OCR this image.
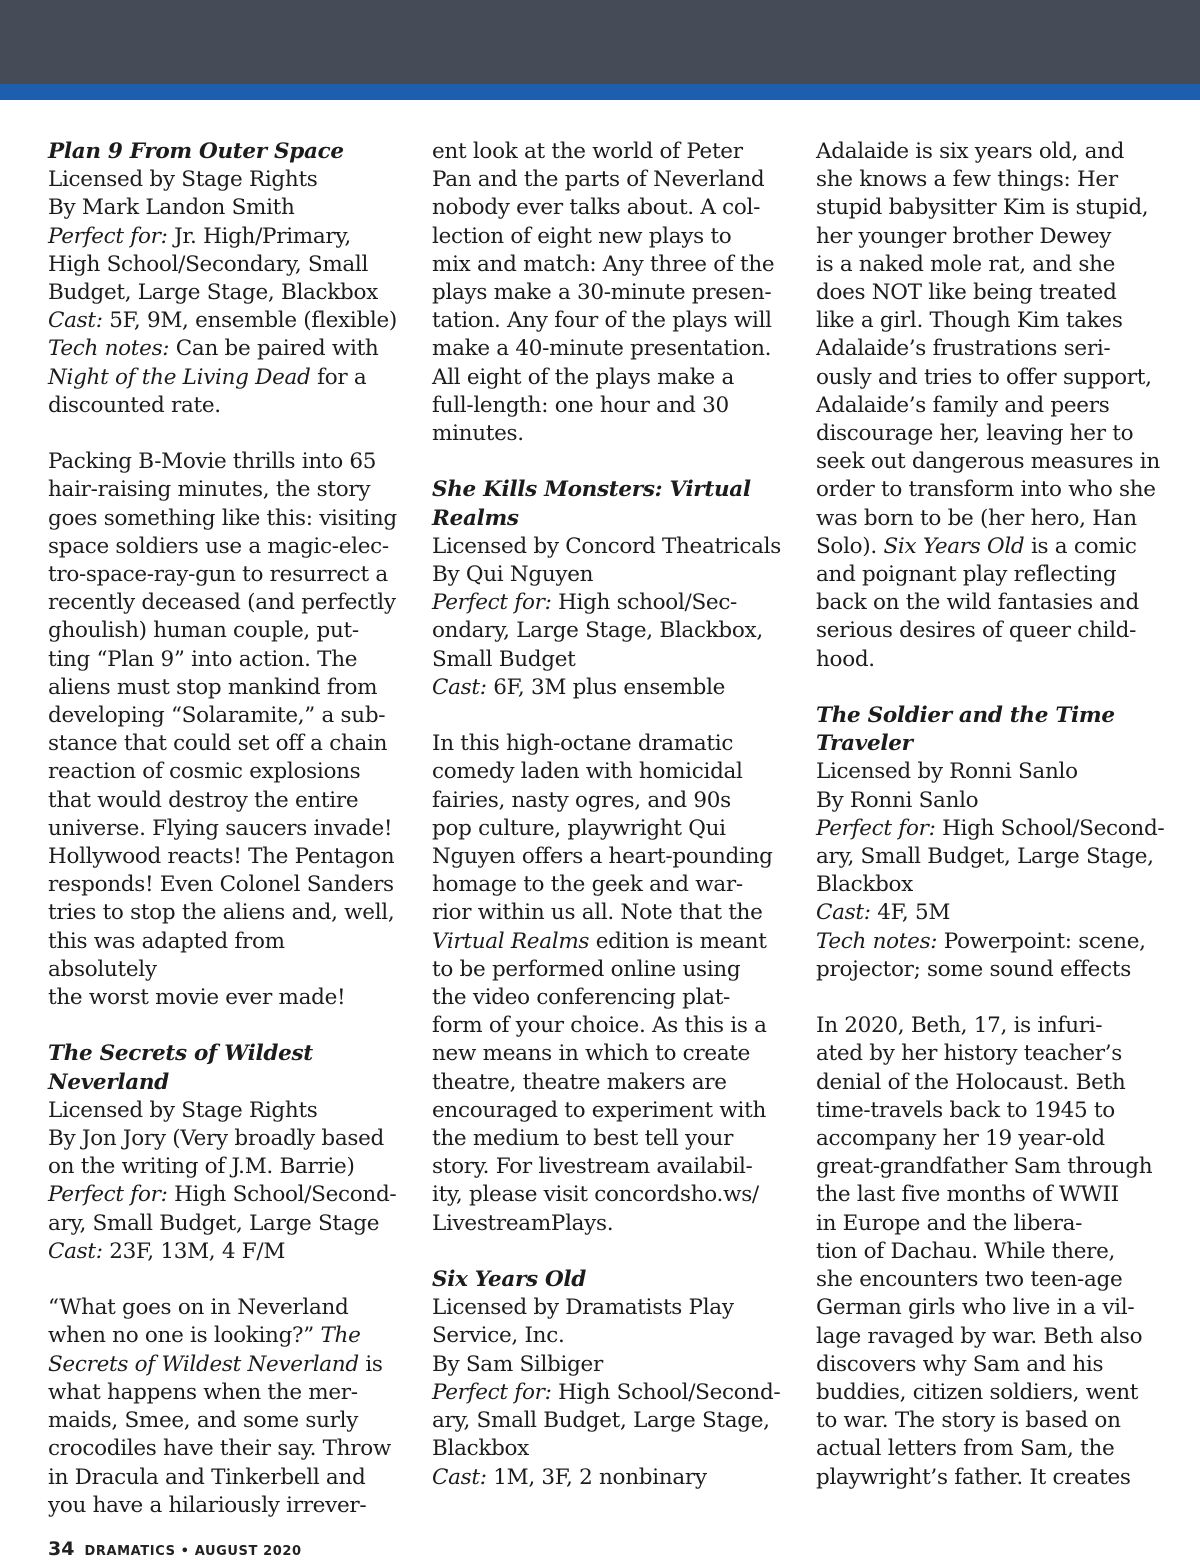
Plan 9 From Outer Space

Licensed by Stage Rights

By Mark Landon Smith

Perfect for: Jr. High/Primary,

High School/Secondary, Small

Budget, Large Stage, Blackbox

Cast: 5F, 9M, ensemble (flexible)

Tech notes: Can be paired with

Night of the Living Dead for a

discounted rate.

Packing B-Movie thrills into 65

hair-raising minutes, the story

goes something like this: visiting

space soldiers use a magic-elec-

tro-space-ray-gun to resurrect a

recently deceased (and perfectly

ghoulish) human couple, put-

ting “Plan 9” into action. The

aliens must stop mankind from

developing “Solaramite,” a sub-

stance that could set off a chain

reaction of cosmic explosions

that would destroy the entire

universe. Flying saucers invade!

Hollywood reacts! The Pentagon

responds! Even Colonel Sanders

tries to stop the aliens and, well,

this was adapted from absolutely

the worst movie ever made!

The Secrets of Wildest

Neverland

Licensed by Stage Rights

By Jon Jory (Very broadly based

on the writing of J.M. Barrie)

Perfect for: High School/Second-

ary, Small Budget, Large Stage

Cast: 23F, 13M, 4 F/M

“What goes on in Neverland

when no one is looking?” The

Secrets of Wildest Neverland is

what happens when the mer-

maids, Smee, and some surly

crocodiles have their say. Throw

in Dracula and Tinkerbell and

you have a hilariously irrever-

ent look at the world of Peter

Pan and the parts of Neverland

nobody ever talks about. A col-

lection of eight new plays to

mix and match: Any three of the

plays make a 30-minute presen-

tation. Any four of the plays will

make a 40-minute presentation.

All eight of the plays make a

full-length: one hour and 30

minutes.

She Kills Monsters: Virtual

Realms

Licensed by Concord Theatricals

By Qui Nguyen

Perfect for: High school/Sec-

ondary, Large Stage, Blackbox,

Small Budget

Cast: 6F, 3M plus ensemble

In this high-octane dramatic

comedy laden with homicidal

fairies, nasty ogres, and 90s

pop culture, playwright Qui

Nguyen offers a heart-pounding

homage to the geek and war-

rior within us all. Note that the

Virtual Realms edition is meant

to be performed online using

the video conferencing plat-

form of your choice. As this is a

new means in which to create

theatre, theatre makers are

encouraged to experiment with

the medium to best tell your

story. For livestream availabil-

ity, please visit concordsho.ws/

LivestreamPlays.

Six Years Old

Licensed by Dramatists Play

Service, Inc.

By Sam Silbiger

Perfect for: High School/Second-

ary, Small Budget, Large Stage,

Blackbox

Cast: 1M, 3F, 2 nonbinary

Adalaide is six years old, and

she knows a few things: Her

stupid babysitter Kim is stupid,

her younger brother Dewey

is a naked mole rat, and she

does NOT like being treated

like a girl. Though Kim takes

Adalaide’s frustrations seri-

ously and tries to offer support,

Adalaide’s family and peers

discourage her, leaving her to

seek out dangerous measures in

order to transform into who she

was born to be (her hero, Han

Solo). Six Years Old is a comic

and poignant play reflecting

back on the wild fantasies and

serious desires of queer child-

hood.

The Soldier and the Time

Traveler

Licensed by Ronni Sanlo

By Ronni Sanlo

Perfect for: High School/Second-

ary, Small Budget, Large Stage,

Blackbox

Cast: 4F, 5M

Tech notes: Powerpoint: scene,

projector; some sound effects

In 2020, Beth, 17, is infuri-

ated by her history teacher’s

denial of the Holocaust. Beth

time-travels back to 1945 to

accompany her 19 year-old

great-grandfather Sam through

the last five months of WWII

in Europe and the libera-

tion of Dachau. While there,

she encounters two teen-age

German girls who live in a vil-

lage ravaged by war. Beth also

discovers why Sam and his

buddies, citizen soldiers, went

to war. The story is based on

actual letters from Sam, the

playwright’s father. It creates

34 DRAMATICS • AUGUST 2020
